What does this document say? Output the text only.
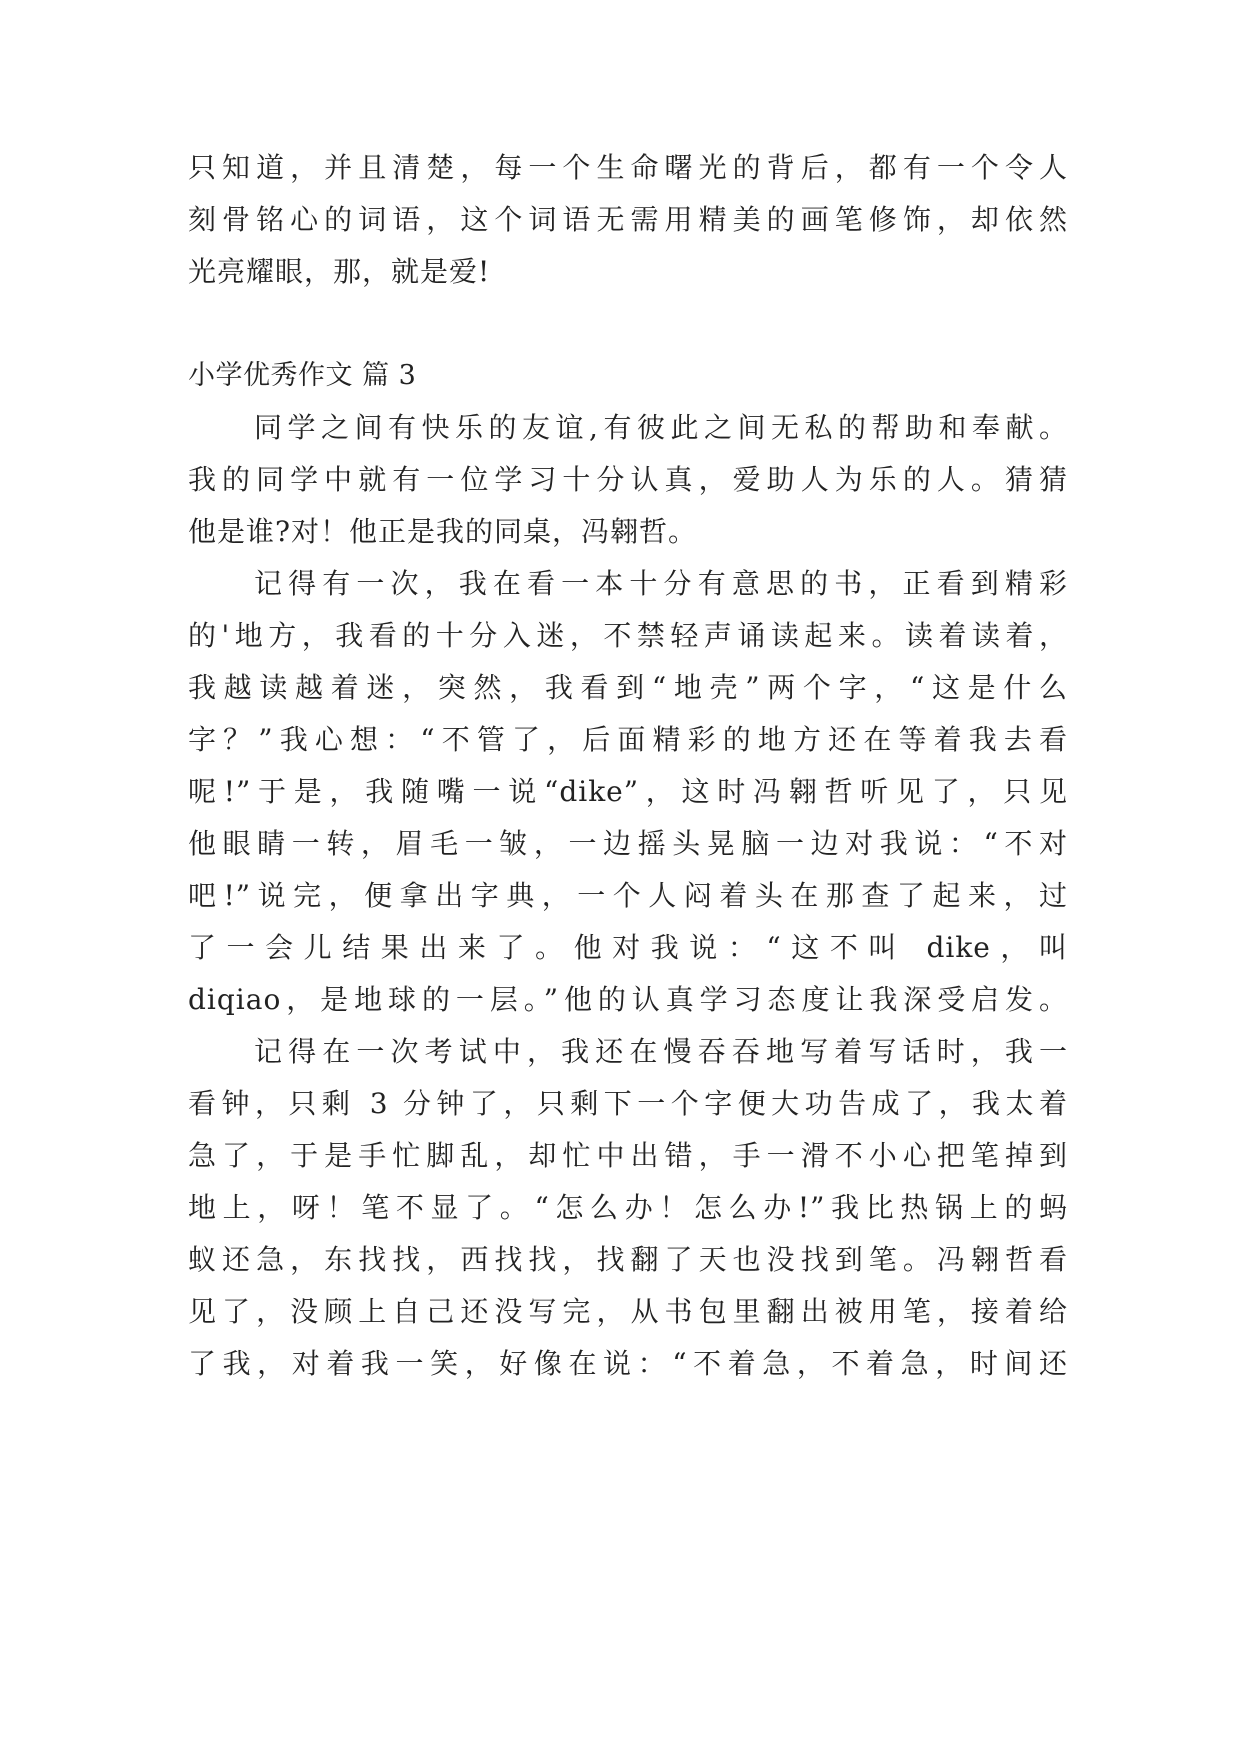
只知道，并且清楚，每一个生命曙光的背后，都有一个令人
刻骨铭心的词语，这个词语无需用精美的画笔修饰，却依然
光亮耀眼，那，就是爱!
小学优秀作文 篇 3
同学之间有快乐的友谊,有彼此之间无私的帮助和奉献。
我的同学中就有一位学习十分认真，爱助人为乐的人。猜猜
他是谁?对！他正是我的同桌，冯翱哲。
记得有一次，我在看一本十分有意思的书，正看到精彩
的'地方，我看的十分入迷，不禁轻声诵读起来。读着读着，
我越读越着迷，突然，我看到“地壳”两个字，“这是什么
字？”我心想：“不管了，后面精彩的地方还在等着我去看
呢!”于是，我随嘴一说“dike”，这时冯翱哲听见了，只见
他眼睛一转，眉毛一皱，一边摇头晃脑一边对我说：“不对
吧!”说完，便拿出字典，一个人闷着头在那查了起来，过
了一会儿结果出来了。他对我说：“这不叫 dike，叫
diqiao，是地球的一层。”他的认真学习态度让我深受启发。
记得在一次考试中，我还在慢吞吞地写着写话时，我一
看钟，只剩 3 分钟了，只剩下一个字便大功告成了，我太着
急了，于是手忙脚乱，却忙中出错，手一滑不小心把笔掉到
地上，呀！笔不显了。“怎么办！怎么办!”我比热锅上的蚂
蚁还急，东找找，西找找，找翻了天也没找到笔。冯翱哲看
见了，没顾上自己还没写完，从书包里翻出被用笔，接着给
了我，对着我一笑，好像在说：“不着急，不着急，时间还
